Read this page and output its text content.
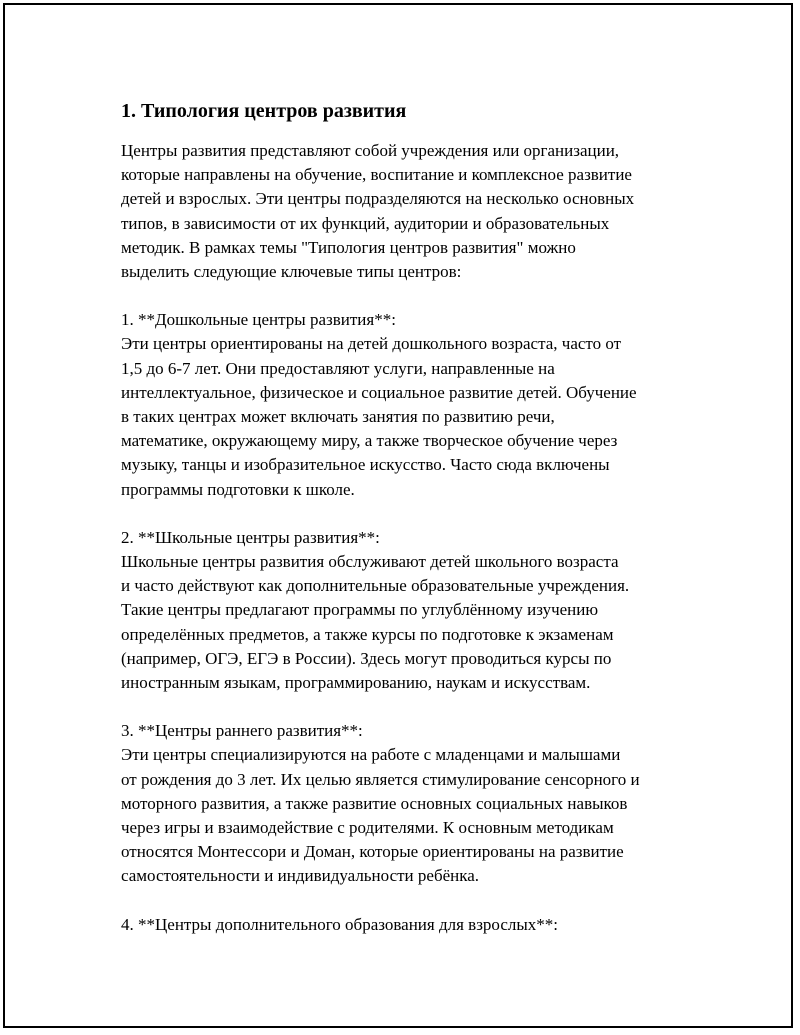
1. Типология центров развития

Центры развития представляют собой учреждения или организации,
которые направлены на обучение, воспитание и комплексное развитие
детей и взрослых. Эти центры подразделяются на несколько основных
типов, в зависимости от их функций, аудитории и образовательных
методик. В рамках темы "Типология центров развития" можно
выделить следующие ключевые типы центров:

1. **Дошкольные центры развития**:

Эти центры ориентированы на детей дошкольного возраста, часто от
1,5 до 6-7 лет. Они предоставляют услуги, направленные на
интеллектуальное, физическое и социальное развитие детей. Обучение
в таких центрах может включать занятия по развитию речи,
математике, окружающему миру, а также творческое обучение через
музыку, танцы и изобразительное искусство. Часто сюда включены
программы подготовки к школе.

2. **Школьные центры развития**:

Школьные центры развития обслуживают детей школьного возраста
и часто действуют как дополнительные образовательные учреждения.
Такие центры предлагают программы по углублённому изучению
определённых предметов, а также курсы по подготовке к экзаменам
(например, ОГЭ, ЕГЭ в России). Здесь могут проводиться курсы по
иностранным языкам, программированию, наукам и искусствам.

3. **Центры раннего развития**:

Эти центры специализируются на работе с младенцами и малышами
от рождения до 3 лет. Их целью является стимулирование сенсорного и
моторного развития, а также развитие основных социальных навыков
через игры и взаимодействие с родителями. К основным методикам
относятся Монтессори и Доман, которые ориентированы на развитие
самостоятельности и индивидуальности ребёнка.

4. **Центры дополнительного образования для взрослых**:
